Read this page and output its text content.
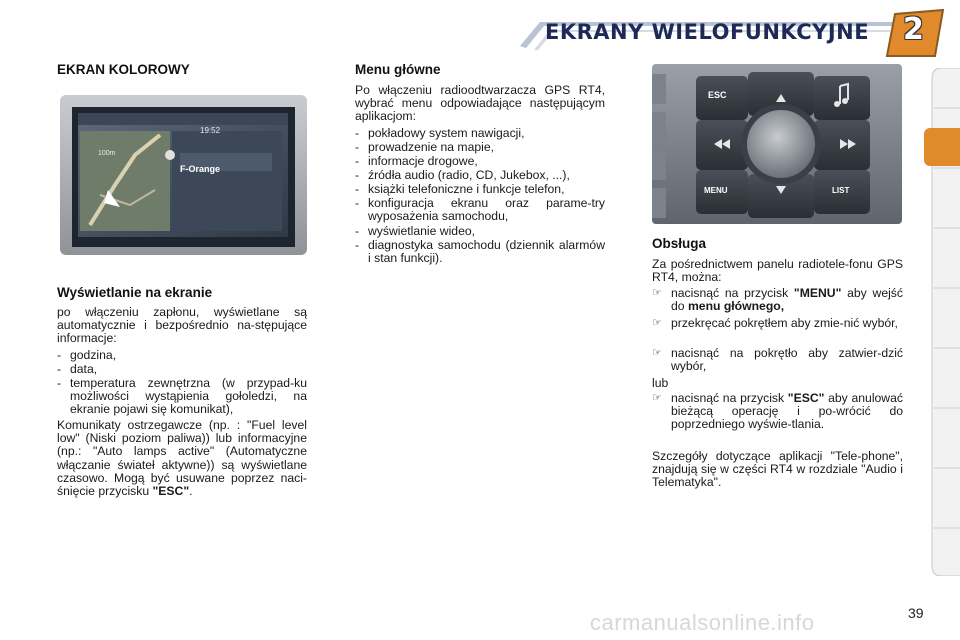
EKRANY WIELOFUNKCYJNE 2
EKRAN KOLOROWY
19:52
F-Orange
100m
Wyświetlanie na ekranie
po włączeniu zapłonu, wyświetlane są automatycznie i bezpośrednio na-stępujące informacje:
- godzina,
- data,
- temperatura zewnętrzna (w przypad-ku możliwości wystąpienia gołoledzi, na ekranie pojawi się komunikat),
Komunikaty ostrzegawcze (np. : "Fuel level low" (Niski poziom paliwa)) lub informacyjne (np.: "Auto lamps active" (Automatyczne włączanie świateł aktywne)) są wyświetlane czasowo. Mogą być usuwane poprzez naci-śnięcie przycisku "ESC".
Menu główne
Po włączeniu radioodtwarzacza GPS RT4, wybrać menu odpowiadające następującym aplikacjom:
- pokładowy system nawigacji,
- prowadzenie na mapie,
- informacje drogowe,
- źródła audio (radio, CD, Jukebox, ...),
- książki telefoniczne i funkcje telefon,
- konfiguracja ekranu oraz parame-try wyposażenia samochodu,
- wyświetlanie wideo,
- diagnostyka samochodu (dziennik alarmów i stan funkcji).
ESC
MENU	LIST
Obsługa
Za pośrednictwem panelu radiotele-fonu GPS RT4, można:
☞ nacisnąć na przycisk "MENU" aby wejść do menu głównego,
☞ przekręcać pokrętłem aby zmie-nić wybór,
☞ nacisnąć na pokrętło aby zatwier-dzić wybór,
lub
☞ nacisnąć na przycisk "ESC" aby anulować bieżącą operację i po-wrócić do poprzedniego wyświe-tlania.
Szczegóły dotyczące aplikacji "Tele-phone", znajdują się w części RT4 w rozdziale "Audio i Telematyka".
carmanualsonline.info	39
